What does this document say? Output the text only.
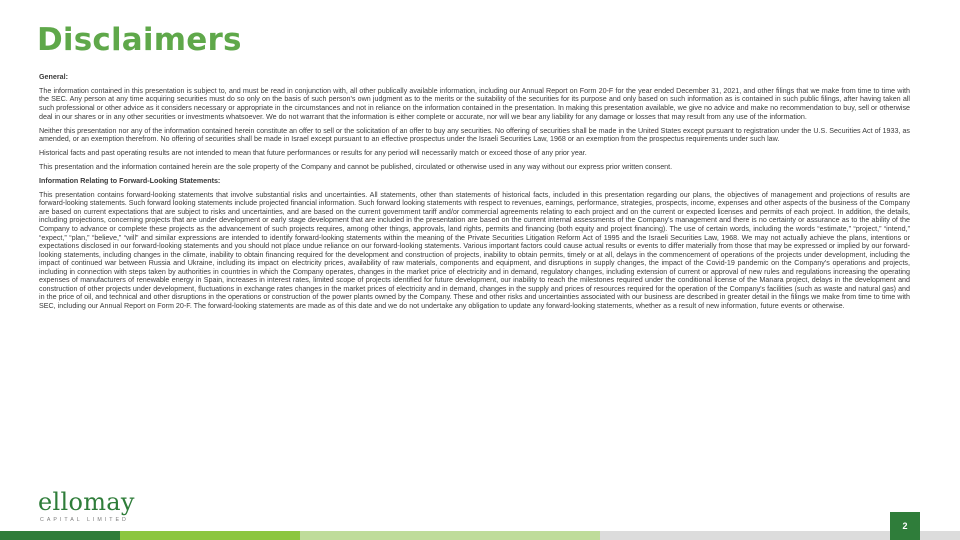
Disclaimers

General:

The information contained in this presentation is subject to, and must be read in conjunction with, all other publically available information, including our Annual Report on Form 20-F for the year ended December 31, 2021, and other filings that we make from time to time with the SEC. Any person at any time acquiring securities must do so only on the basis of such person's own judgment as to the merits or the suitability of the securities for its purpose and only based on such information as is contained in such public filings, after having taken all such professional or other advice as it considers necessary or appropriate in the circumstances and not in reliance on the information contained in the presentation. In making this presentation available, we give no advice and make no recommendation to buy, sell or otherwise deal in our shares or in any other securities or investments whatsoever. We do not warrant that the information is either complete or accurate, nor will we bear any liability for any damage or losses that may result from any use of the information.

Neither this presentation nor any of the information contained herein constitute an offer to sell or the solicitation of an offer to buy any securities. No offering of securities shall be made in the United States except pursuant to registration under the U.S. Securities Act of 1933, as amended, or an exemption therefrom. No offering of securities shall be made in Israel except pursuant to an effective prospectus under the Israeli Securities Law, 1968 or an exemption from the prospectus requirements under such law.

Historical facts and past operating results are not intended to mean that future performances or results for any period will necessarily match or exceed those of any prior year.

This presentation and the information contained herein are the sole property of the Company and cannot be published, circulated or otherwise used in any way without our express prior written consent.

Information Relating to Forward-Looking Statements:

This presentation contains forward-looking statements that involve substantial risks and uncertainties. All statements, other than statements of historical facts, included in this presentation regarding our plans, the objectives of management and projections of results are forward-looking statements. Such forward looking statements include projected financial information. Such forward looking statements with respect to revenues, earnings, performance, strategies, prospects, income, expenses and other aspects of the business of the Company are based on current expectations that are subject to risks and uncertainties, and are based on the current government tariff and/or commercial agreements relating to each project and on the current or expected licenses and permits of each project. In addition, the details, including projections, concerning projects that are under development or early stage development that are included in the presentation are based on the current internal assessments of the Company's management and there is no certainty or assurance as to the ability of the Company to advance or complete these projects as the advancement of such projects requires, among other things, approvals, land rights, permits and financing (both equity and project financing). The use of certain words, including the words “estimate,” “project,” “intend,” “expect,” “plan,” “believe,” “will” and similar expressions are intended to identify forward-looking statements within the meaning of the Private Securities Litigation Reform Act of 1995 and the Israeli Securities Law, 1968. We may not actually achieve the plans, intentions or expectations disclosed in our forward-looking statements and you should not place undue reliance on our forward-looking statements. Various important factors could cause actual results or events to differ materially from those that may be expressed or implied by our forward-looking statements, including changes in the climate, inability to obtain financing required for the development and construction of projects, inability to obtain permits, timely or at all, delays in the commencement of operations of the projects under development, including the impact of continued war between Russia and Ukraine, including its impact on electricity prices, availability of raw materials, components and equipment, and disruptions in supply changes, the impact of the Covid-19 pandemic on the Company's operations and projects, including in connection with steps taken by authorities in countries in which the Company operates, changes in the market price of electricity and in demand, regulatory changes, including extension of current or approval of new rules and regulations increasing the operating expenses of manufacturers of renewable energy in Spain, increases in interest rates, limited scope of projects identified for future development, our inability to reach the milestones required under the conditional license of the Manara project, delays in the development and construction of other projects under development, fluctuations in exchange rates changes in the market prices of electricity and in demand, changes in the supply and prices of resources required for the operation of the Company's facilities (such as waste and natural gas) and in the price of oil, and technical and other disruptions in the operations or construction of the power plants owned by the Company. These and other risks and uncertainties associated with our business are described in greater detail in the filings we make from time to time with SEC, including our Annual Report on Form 20-F. The forward-looking statements are made as of this date and we do not undertake any obligation to update any forward-looking statements, whether as a result of new information, future events or otherwise.

ellomay
CAPITAL LIMITED
2
